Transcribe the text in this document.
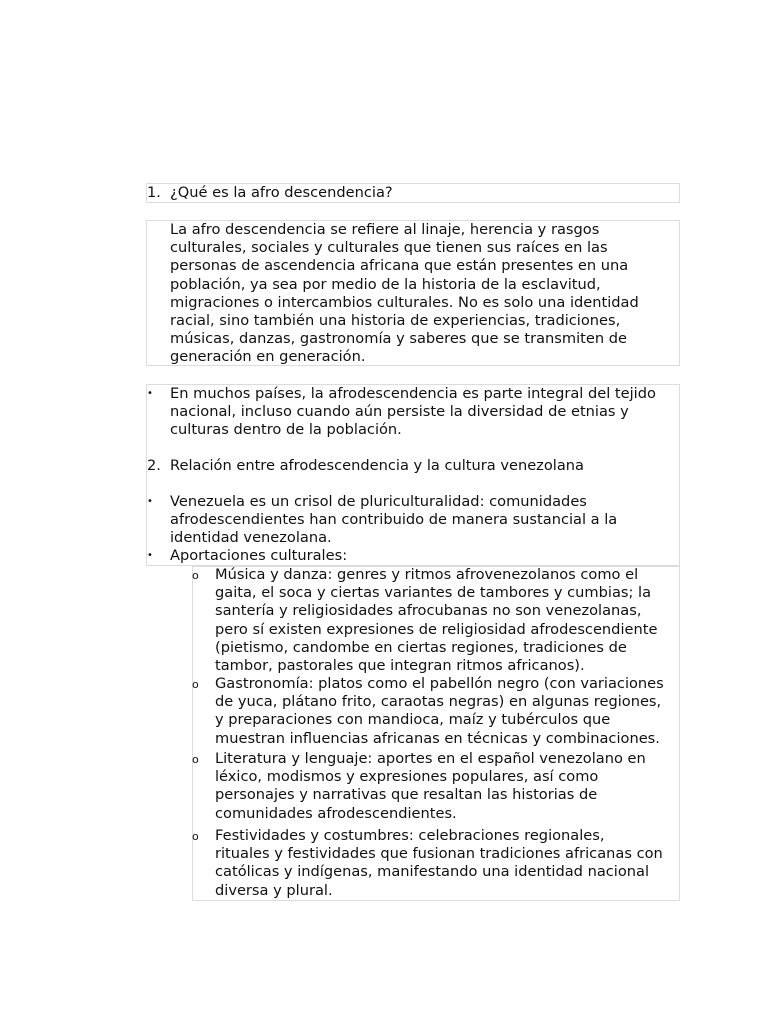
1. ¿Qué es la afro descendencia?
La afro descendencia se refiere al linaje, herencia y rasgos
culturales, sociales y culturales que tienen sus raíces en las
personas de ascendencia africana que están presentes en una
población, ya sea por medio de la historia de la esclavitud,
migraciones o intercambios culturales. No es solo una identidad
racial, sino también una historia de experiencias, tradiciones,
músicas, danzas, gastronomía y saberes que se transmiten de
generación en generación.
• En muchos países, la afrodescendencia es parte integral del tejido
nacional, incluso cuando aún persiste la diversidad de etnias y
culturas dentro de la población.
2. Relación entre afrodescendencia y la cultura venezolana
• Venezuela es un crisol de pluriculturalidad: comunidades
afrodescendientes han contribuido de manera sustancial a la
identidad venezolana.
• Aportaciones culturales:
o Música y danza: genres y ritmos afrovenezolanos como el
gaita, el soca y ciertas variantes de tambores y cumbias; la
santería y religiosidades afrocubanas no son venezolanas,
pero sí existen expresiones de religiosidad afrodescendiente
(pietismo, candombe en ciertas regiones, tradiciones de
tambor, pastorales que integran ritmos africanos).
o Gastronomía: platos como el pabellón negro (con variaciones
de yuca, plátano frito, caraotas negras) en algunas regiones,
y preparaciones con mandioca, maíz y tubérculos que
muestran influencias africanas en técnicas y combinaciones.
o Literatura y lenguaje: aportes en el español venezolano en
léxico, modismos y expresiones populares, así como
personajes y narrativas que resaltan las historias de
comunidades afrodescendientes.
o Festividades y costumbres: celebraciones regionales,
rituales y festividades que fusionan tradiciones africanas con
católicas y indígenas, manifestando una identidad nacional
diversa y plural.
